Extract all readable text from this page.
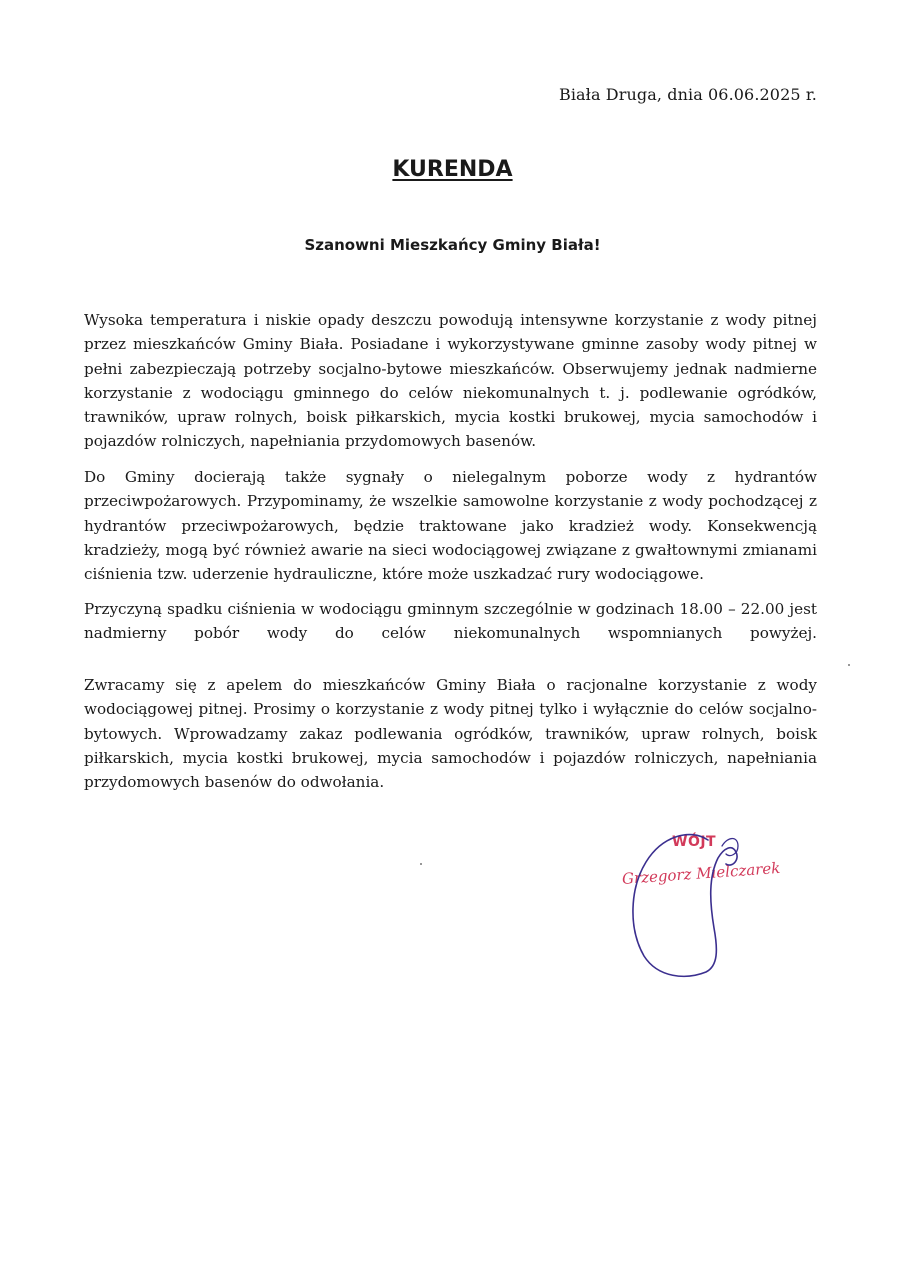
Biała Druga, dnia 06.06.2025 r.
KURENDA
Szanowni Mieszkańcy Gminy Biała!

Wysoka temperatura i niskie opady deszczu powodują intensywne korzystanie z wody pitnej przez mieszkańców Gminy Biała. Posiadane i wykorzystywane gminne zasoby wody pitnej w pełni zabezpieczają potrzeby socjalno-bytowe mieszkańców. Obserwujemy jednak nadmierne korzystanie z wodociągu gminnego do celów niekomunalnych t. j. podlewanie ogródków, trawników, upraw rolnych, boisk piłkarskich, mycia kostki brukowej, mycia samochodów i pojazdów rolniczych, napełniania przydomowych basenów.

Do Gminy docierają także sygnały o nielegalnym poborze wody z hydrantów przeciwpożarowych. Przypominamy, że wszelkie samowolne korzystanie z wody pochodzącej z hydrantów przeciwpożarowych, będzie traktowane jako kradzież wody. Konsekwencją kradzieży, mogą być również awarie na sieci wodociągowej związane z gwałtownymi zmianami ciśnienia tzw. uderzenie hydrauliczne, które może uszkadzać rury wodociągowe.

Przyczyną spadku ciśnienia w wodociągu gminnym szczególnie w godzinach 18.00 – 22.00 jest nadmierny pobór wody do celów niekomunalnych wspomnianych powyżej.

Zwracamy się z apelem do mieszkańców Gminy Biała o racjonalne korzystanie z wody wodociągowej pitnej. Prosimy o korzystanie z wody pitnej tylko i wyłącznie do celów socjalno-bytowych. Wprowadzamy zakaz podlewania ogródków, trawników, upraw rolnych, boisk piłkarskich, mycia kostki brukowej, mycia samochodów i pojazdów rolniczych, napełniania przydomowych basenów do odwołania.

WÓJT
Grzegorz Mielczarek
